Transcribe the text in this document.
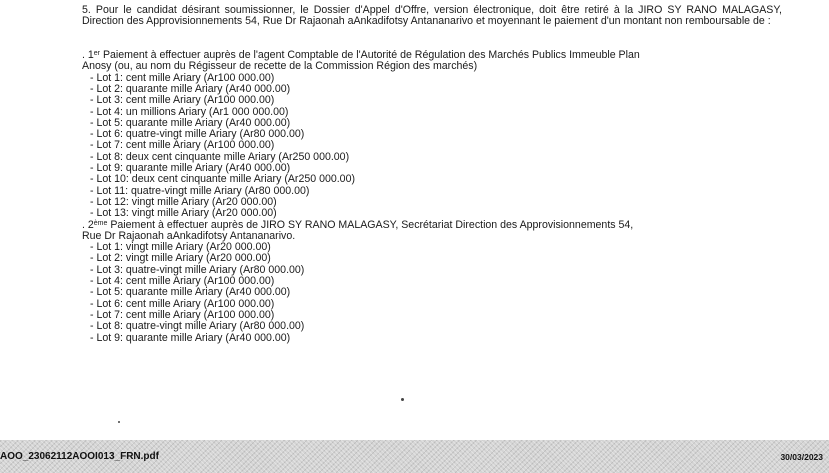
5. Pour le candidat désirant soumissionner, le Dossier d'Appel d'Offre, version électronique, doit être retiré à la JIRO SY RANO MALAGASY, Direction des Approvisionnements 54, Rue Dr Rajaonah aAnkadifotsy Antananarivo et moyennant le paiement d'un montant non remboursable de :

. 1er Paiement à effectuer auprès de l'agent Comptable de l'Autorité de Régulation des Marchés Publics Immeuble Plan
Anosy (ou, au nom du Régisseur de recette de la Commission Région des marchés)
- Lot 1: cent mille Ariary (Ar100 000.00)
- Lot 2: quarante mille Ariary (Ar40 000.00)
- Lot 3: cent mille Ariary (Ar100 000.00)
- Lot 4: un millions Ariary (Ar1 000 000.00)
- Lot 5: quarante mille Ariary (Ar40 000.00)
- Lot 6: quatre-vingt mille Ariary (Ar80 000.00)
- Lot 7: cent mille Ariary (Ar100 000.00)
- Lot 8: deux cent cinquante mille Ariary (Ar250 000.00)
- Lot 9: quarante mille Ariary (Ar40 000.00)
- Lot 10: deux cent cinquante mille Ariary (Ar250 000.00)
- Lot 11: quatre-vingt mille Ariary (Ar80 000.00)
- Lot 12: vingt mille Ariary (Ar20 000.00)
- Lot 13: vingt mille Ariary (Ar20 000.00)
. 2ème Paiement à effectuer auprès de JIRO SY RANO MALAGASY, Secrétariat Direction des Approvisionnements 54,
Rue Dr Rajaonah aAnkadifotsy Antananarivo.
- Lot 1: vingt mille Ariary (Ar20 000.00)
- Lot 2: vingt mille Ariary (Ar20 000.00)
- Lot 3: quatre-vingt mille Ariary (Ar80 000.00)
- Lot 4: cent mille Ariary (Ar100 000.00)
- Lot 5: quarante mille Ariary (Ar40 000.00)
- Lot 6: cent mille Ariary (Ar100 000.00)
- Lot 7: cent mille Ariary (Ar100 000.00)
- Lot 8: quatre-vingt mille Ariary (Ar80 000.00)
- Lot 9: quarante mille Ariary (Ar40 000.00)
AOO_23062112AOOI013_FRN.pdf	30/03/2023
